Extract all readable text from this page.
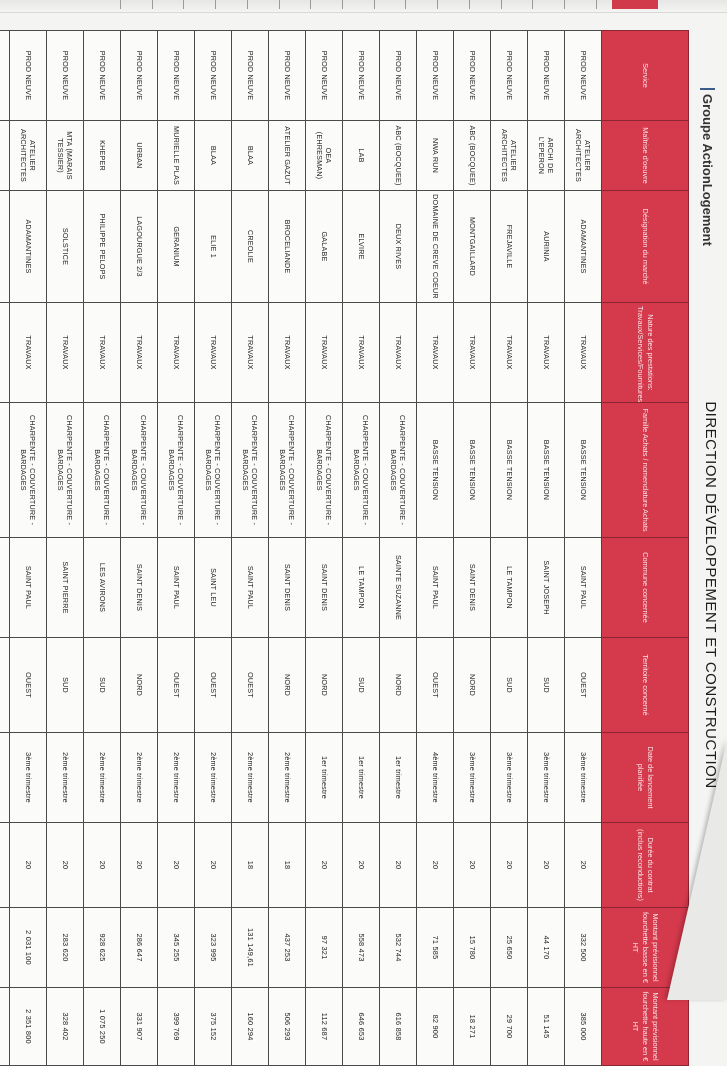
Groupe ActionLogement
DIRECTION DÉVELOPPEMENT ET CONSTRUCTION
Service	Maîtrise d'oeuvre	Désignation du marché	Nature des prestations: Travaux/Services/Fournitures	Famille Achats / nomenclature Achats	Commune concernée	Territoire concerné	Date de lancement planifiée	Durée du contrat (inclus reconductions)	Montant prévisionnel fourchette basse en € HT	Montant prévisionnel fourchette haute en € HT
PROD NEUVE	ATELIER ARCHITECTES	ADAMANTINES	TRAVAUX	BASSE TENSION	SAINT PAUL	OUEST	3ème trimestre	20	332 500	385 000
PROD NEUVE	ARCHI DE L'EPERON	AURINIA	TRAVAUX	BASSE TENSION	SAINT JOSEPH	SUD	3ème trimestre	20	44 170	51 145
PROD NEUVE	ATELIER ARCHITECTES	FREJAVILLE	TRAVAUX	BASSE TENSION	LE TAMPON	SUD	3ème trimestre	20	25 650	29 700
PROD NEUVE	ABC (BOCQUEE)	MONTGAILLARD	TRAVAUX	BASSE TENSION	SAINT DENIS	NORD	3ème trimestre	20	15 780	18 271
PROD NEUVE	NWA RUN	DOMAINE DE CREVE COEUR	TRAVAUX	BASSE TENSION	SAINT PAUL	OUEST	4ème trimestre	20	71 585	82 900
PROD NEUVE	ABC (BOCQUEE)	DEUX RIVES	TRAVAUX	CHARPENTE - COUVERTURE - BARDAGES	SAINTE SUZANNE	NORD	1er trimestre	20	532 744	616 858
PROD NEUVE	LAB	ELVIRE	TRAVAUX	CHARPENTE - COUVERTURE - BARDAGES	LE TAMPON	SUD	1er trimestre	20	558 473	646 653
PROD NEUVE	OEA (EHRESMAN)	GALABE	TRAVAUX	CHARPENTE - COUVERTURE - BARDAGES	SAINT DENIS	NORD	1er trimestre	20	97 321	112 687
PROD NEUVE	ATELIER GAZUT	BROCELIANDE	TRAVAUX	CHARPENTE - COUVERTURE - BARDAGES	SAINT DENIS	NORD	2ème trimestre	18	437 253	506 293
PROD NEUVE	BLAA	CREOLIE	TRAVAUX	CHARPENTE - COUVERTURE - BARDAGES	SAINT PAUL	OUEST	2ème trimestre	18	131 149,61	160 294
PROD NEUVE	BLAA	ELIE 1	TRAVAUX	CHARPENTE - COUVERTURE - BARDAGES	SAINT LEU	OUEST	2ème trimestre	20	323 995	375 152
PROD NEUVE	MURIELLE PLAS	GERANIUM	TRAVAUX	CHARPENTE - COUVERTURE - BARDAGES	SAINT PAUL	OUEST	2ème trimestre	20	345 255	399 769
PROD NEUVE	URBAN	LAGOURGUE 2/3	TRAVAUX	CHARPENTE - COUVERTURE - BARDAGES	SAINT DENIS	NORD	2ème trimestre	20	286 647	331 907
PROD NEUVE	KHEPER	PHILIPPE PELOPS	TRAVAUX	CHARPENTE - COUVERTURE - BARDAGES	LES AVIRONS	SUD	2ème trimestre	20	928 625	1 075 250
PROD NEUVE	MTA (MARAIS TESSIER)	SOLSTICE	TRAVAUX	CHARPENTE - COUVERTURE - BARDAGES	SAINT PIERRE	SUD	2ème trimestre	20	283 620	328 402
PROD NEUVE	ATELIER ARCHITECTES	ADAMANTINES	TRAVAUX	CHARPENTE - COUVERTURE - BARDAGES	SAINT PAUL	OUEST	3ème trimestre	20	2 031 100	2 351 800
